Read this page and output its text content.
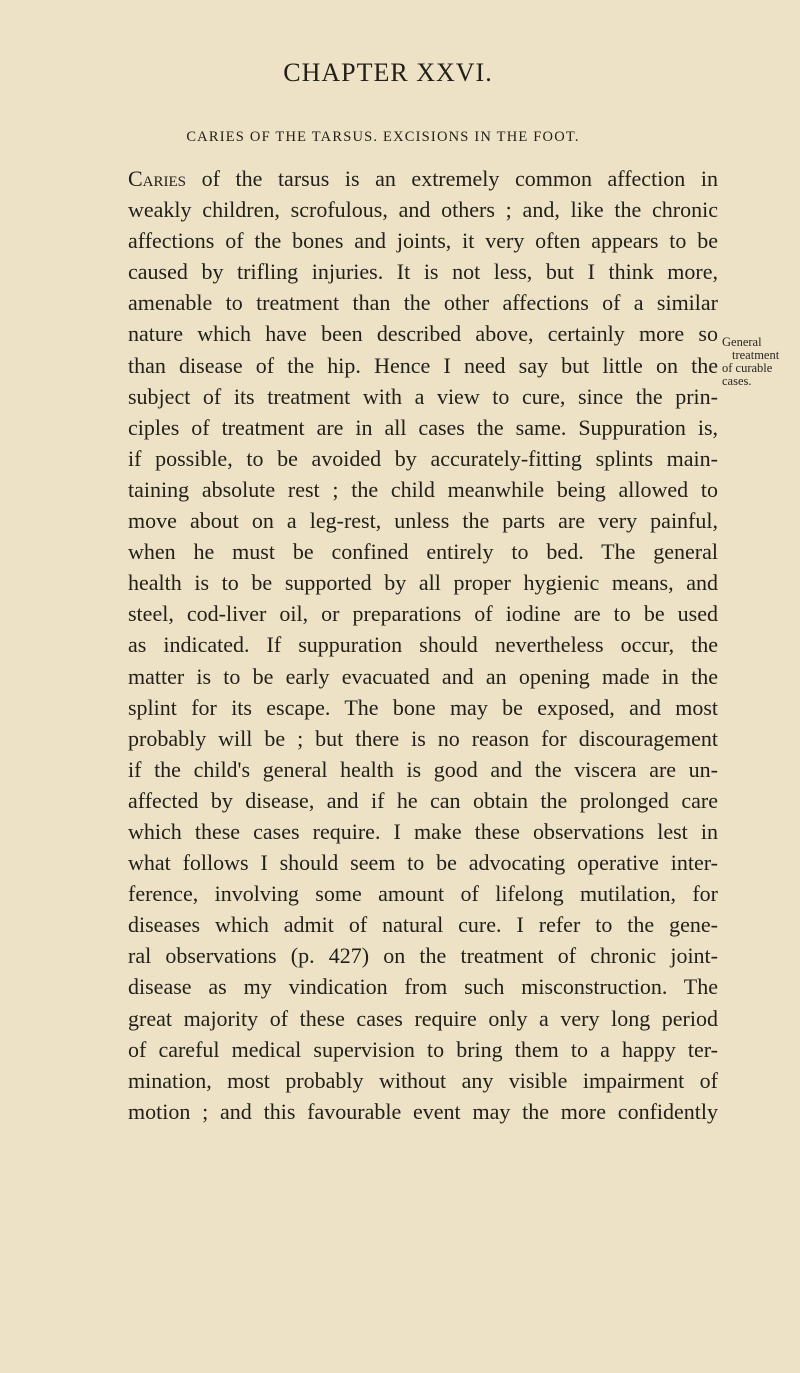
CHAPTER XXVI.
CARIES OF THE TARSUS. EXCISIONS IN THE FOOT.
Caries of the tarsus is an extremely common affection in
weakly children, scrofulous, and others ; and, like the chronic
affections of the bones and joints, it very often appears to be
caused by trifling injuries. It is not less, but I think more,
amenable to treatment than the other affections of a similar
nature which have been described above, certainly more so
than disease of the hip. Hence I need say but little on the
subject of its treatment with a view to cure, since the prin-
ciples of treatment are in all cases the same. Suppuration is,
if possible, to be avoided by accurately-fitting splints main-
taining absolute rest ; the child meanwhile being allowed to
move about on a leg-rest, unless the parts are very painful,
when he must be confined entirely to bed. The general
health is to be supported by all proper hygienic means, and
steel, cod-liver oil, or preparations of iodine are to be used
as indicated. If suppuration should nevertheless occur, the
matter is to be early evacuated and an opening made in the
splint for its escape. The bone may be exposed, and most
probably will be ; but there is no reason for discouragement
if the child's general health is good and the viscera are un-
affected by disease, and if he can obtain the prolonged care
which these cases require. I make these observations lest in
what follows I should seem to be advocating operative inter-
ference, involving some amount of lifelong mutilation, for
diseases which admit of natural cure. I refer to the gene-
ral observations (p. 427) on the treatment of chronic joint-
disease as my vindication from such misconstruction. The
great majority of these cases require only a very long period
of careful medical supervision to bring them to a happy ter-
mination, most probably without any visible impairment of
motion ; and this favourable event may the more confidently
General
treatment
of curable
cases.
